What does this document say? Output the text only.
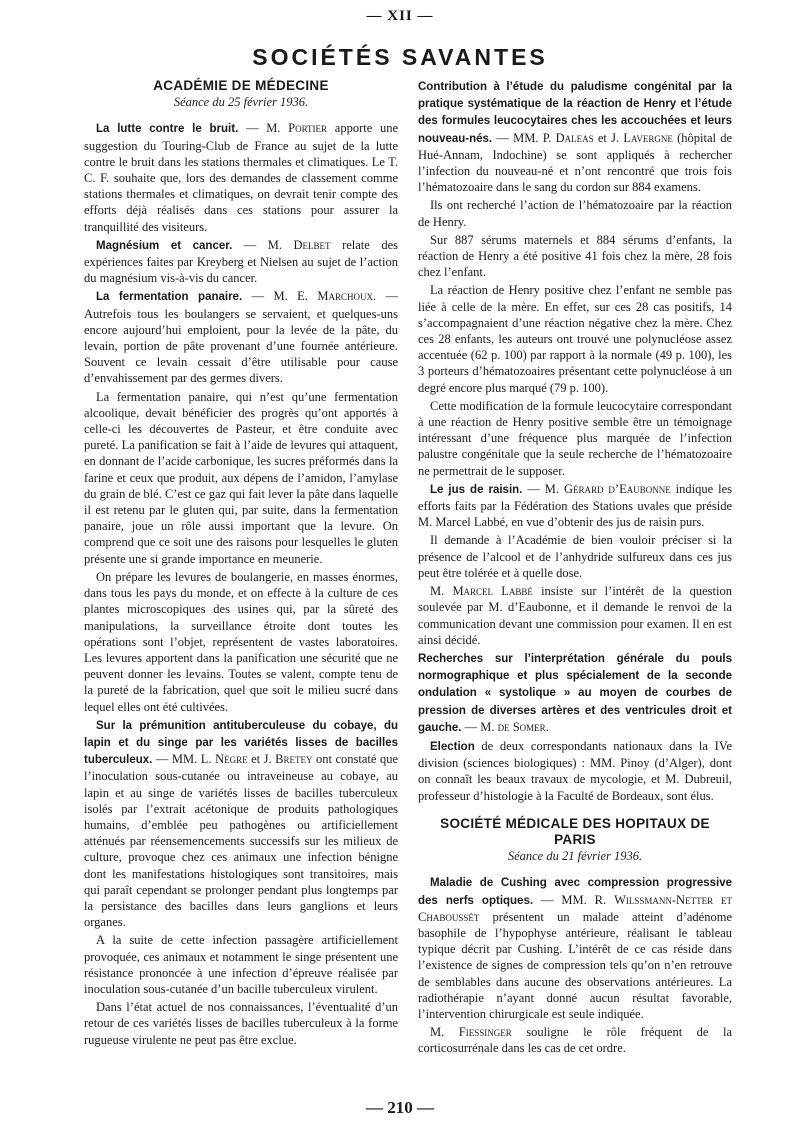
— XII —
SOCIÉTÉS SAVANTES
ACADÉMIE DE MÉDECINE
Séance du 25 février 1936.

La lutte contre le bruit. — M. Portier apporte une suggestion du Touring-Club de France au sujet de la lutte contre le bruit dans les stations thermales et climatiques. Le T. C. F. souhaite que, lors des demandes de classement comme stations thermales et climatiques, on devrait tenir compte des efforts déjà réalisés dans ces stations pour assurer la tranquillité des visiteurs.

Magnésium et cancer. — M. Delbet relate des expériences faites par Kreyberg et Nielsen au sujet de l’action du magnésium vis-à-vis du cancer.

La fermentation panaire. — M. E. Marchoux. — Autrefois tous les boulangers se servaient, et quelques-uns encore aujourd’hui emploient, pour la levée de la pâte, du levain, portion de pâte provenant d’une fournée antérieure. Souvent ce levain cessait d’être utilisable pour cause d’envahissement par des germes divers.

La fermentation panaire, qui n’est qu’une fermentation alcoolique, devait bénéficier des progrès qu’ont apportés à celle-ci les découvertes de Pasteur, et être conduite avec pureté. La panification se fait à l’aide de levures qui attaquent, en donnant de l’acide carbonique, les sucres préformés dans la farine et ceux que produit, aux dépens de l’amidon, l’amylase du grain de blé. C’est ce gaz qui fait lever la pâte dans laquelle il est retenu par le gluten qui, par suite, dans la fermentation panaire, joue un rôle aussi important que la levure. On comprend que ce soit une des raisons pour lesquelles le gluten présente une si grande importance en meunerie.

On prépare les levures de boulangerie, en masses énormes, dans tous les pays du monde, et on effecte à la culture de ces plantes microscopiques des usines qui, par la sûreté des manipulations, la surveillance étroite dont toutes les opérations sont l’objet, représentent de vastes laboratoires. Les levures apportent dans la panification une sécurité que ne peuvent donner les levains. Toutes se valent, compte tenu de la pureté de la fabrication, quel que soit le milieu sucré dans lequel elles ont été cultivées.

Sur la prémunition antituberculeuse du cobaye, du lapin et du singe par les variétés lisses de bacilles tuberculeux. — MM. L. Nègre et J. Bretey ont constaté que l’inoculation sous-cutanée ou intraveineuse au cobaye, au lapin et au singe de variétés lisses de bacilles tuberculeux isolés par l’extrait acétonique de produits pathologiques humains, d’emblée peu pathogènes ou artificiellement atténués par réensemencements successifs sur les milieux de culture, provoque chez ces animaux une infection bénigne dont les manifestations histologiques sont transitoires, mais qui paraît cependant se prolonger pendant plus longtemps par la persistance des bacilles dans leurs ganglions et leurs organes.

A la suite de cette infection passagère artificiellement provoquée, ces animaux et notamment le singe présentent une résistance prononcée à une infection d’épreuve réalisée par inoculation sous-cutanée d’un bacille tuberculeux virulent.

Dans l’état actuel de nos connaissances, l’éventualité d’un retour de ces variétés lisses de bacilles tuberculeux à la forme rugueuse virulente ne peut pas être exclue.

Contribution à l’étude du paludisme congénital par la pratique systématique de la réaction de Henry et l’étude des formules leucocytaires ches les accouchées et leurs nouveau-nés. — MM. P. Daleas et J. Lavergne (hôpital de Hué-Annam, Indochine) se sont appliqués à rechercher l’infection du nouveau-né et n’ont rencontré que trois fois l’hématozoaire dans le sang du cordon sur 884 examens.

Ils ont recherché l’action de l’hématozoaire par la réaction de Henry.

Sur 887 sérums maternels et 884 sérums d’enfants, la réaction de Henry a été positive 41 fois chez la mère, 28 fois chez l’enfant.

La réaction de Henry positive chez l’enfant ne semble pas liée à celle de la mère. En effet, sur ces 28 cas positifs, 14 s’accompagnaient d’une réaction négative chez la mère. Chez ces 28 enfants, les auteurs ont trouvé une polynucléose assez accentuée (62 p. 100) par rapport à la normale (49 p. 100), les 3 porteurs d’hématozoaires présentant cette polynucléose à un degré encore plus marqué (79 p. 100).

Cette modification de la formule leucocytaire correspondant à une réaction de Henry positive semble être un témoignage intéressant d’une fréquence plus marquée de l’infection palustre congénitale que la seule recherche de l’hématozoaire ne permettrait de le supposer.

Le jus de raisin. — M. Gérard d’Eaubonne indique les efforts faits par la Fédération des Stations uvales que préside M. Marcel Labbé, en vue d’obtenir des jus de raisin purs.

Il demande à l’Académie de bien vouloir préciser si la présence de l’alcool et de l’anhydride sulfureux dans ces jus peut être tolérée et à quelle dose.

M. Marcel Labbé insiste sur l’intérêt de la question soulevée par M. d’Eaubonne, et il demande le renvoi de la communication devant une commission pour examen. Il en est ainsi décidé.

Recherches sur l’interprétation générale du pouls normographique et plus spécialement de la seconde ondulation « systolique » au moyen de courbes de pression de diverses artères et des ventricules droit et gauche. — M. de Somer.

Election de deux correspondants nationaux dans la IVe division (sciences biologiques) : MM. Pinoy (d’Alger), dont on connaît les beaux travaux de mycologie, et M. Dubreuil, professeur d’histologie à la Faculté de Bordeaux, sont élus.

SOCIÉTÉ MÉDICALE DES HOPITAUX DE PARIS
Séance du 21 février 1936.

Maladie de Cushing avec compression progressive des nerfs optiques. — MM. R. Wilssmann-Netter et Chaboussét présentent un malade atteint d’adénome basophile de l’hypophyse antérieure, réalisant le tableau typique décrit par Cushing. L’intérêt de ce cas réside dans l’existence de signes de compression tels qu’on n’en retrouve de semblables dans aucune des observations antérieures. La radiothérapie n’ayant donné aucun résultat favorable, l’intervention chirurgicale est seule indiquée.

M. Fiessinger souligne le rôle fréquent de la corticosurrénale dans les cas de cet ordre.

— 210 —
